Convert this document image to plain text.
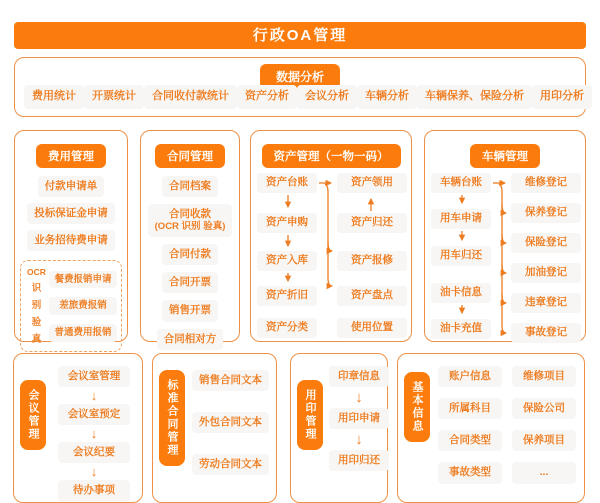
行政OA管理
数据分析
费用统计	开票统计	合同收付款统计	资产分析	会议分析	车辆分析	车辆保养、保险分析	用印分析
费用管理
付款申请单
投标保证金申请
业务招待费申请
OCR
识
别
验
真
餐费报销申请
差旅费报销
普通费用报销
合同管理
合同档案
合同收款
(OCR 识别 验真)
合同付款
合同开票
销售开票
合同相对方
资产管理（一物一码）
资产台账
资产申购
资产入库
资产折旧
资产分类
资产领用
资产归还
资产报修
资产盘点
使用位置
车辆管理
车辆台账
用车申请
用车归还
油卡信息
油卡充值
维修登记
保养登记
保险登记
加油登记
违章登记
事故登记
会议管理
会议室管理
↓
会议室预定
↓
会议纪要
↓
待办事项
标准合同管理	销售合同文本
外包合同文本
劳动合同文本
用印管理
印章信息
↓
用印申请
↓
用印归还
基本信息
账户信息
所属科目
合同类型
事故类型
维修项目
保险公司
保养项目
...
